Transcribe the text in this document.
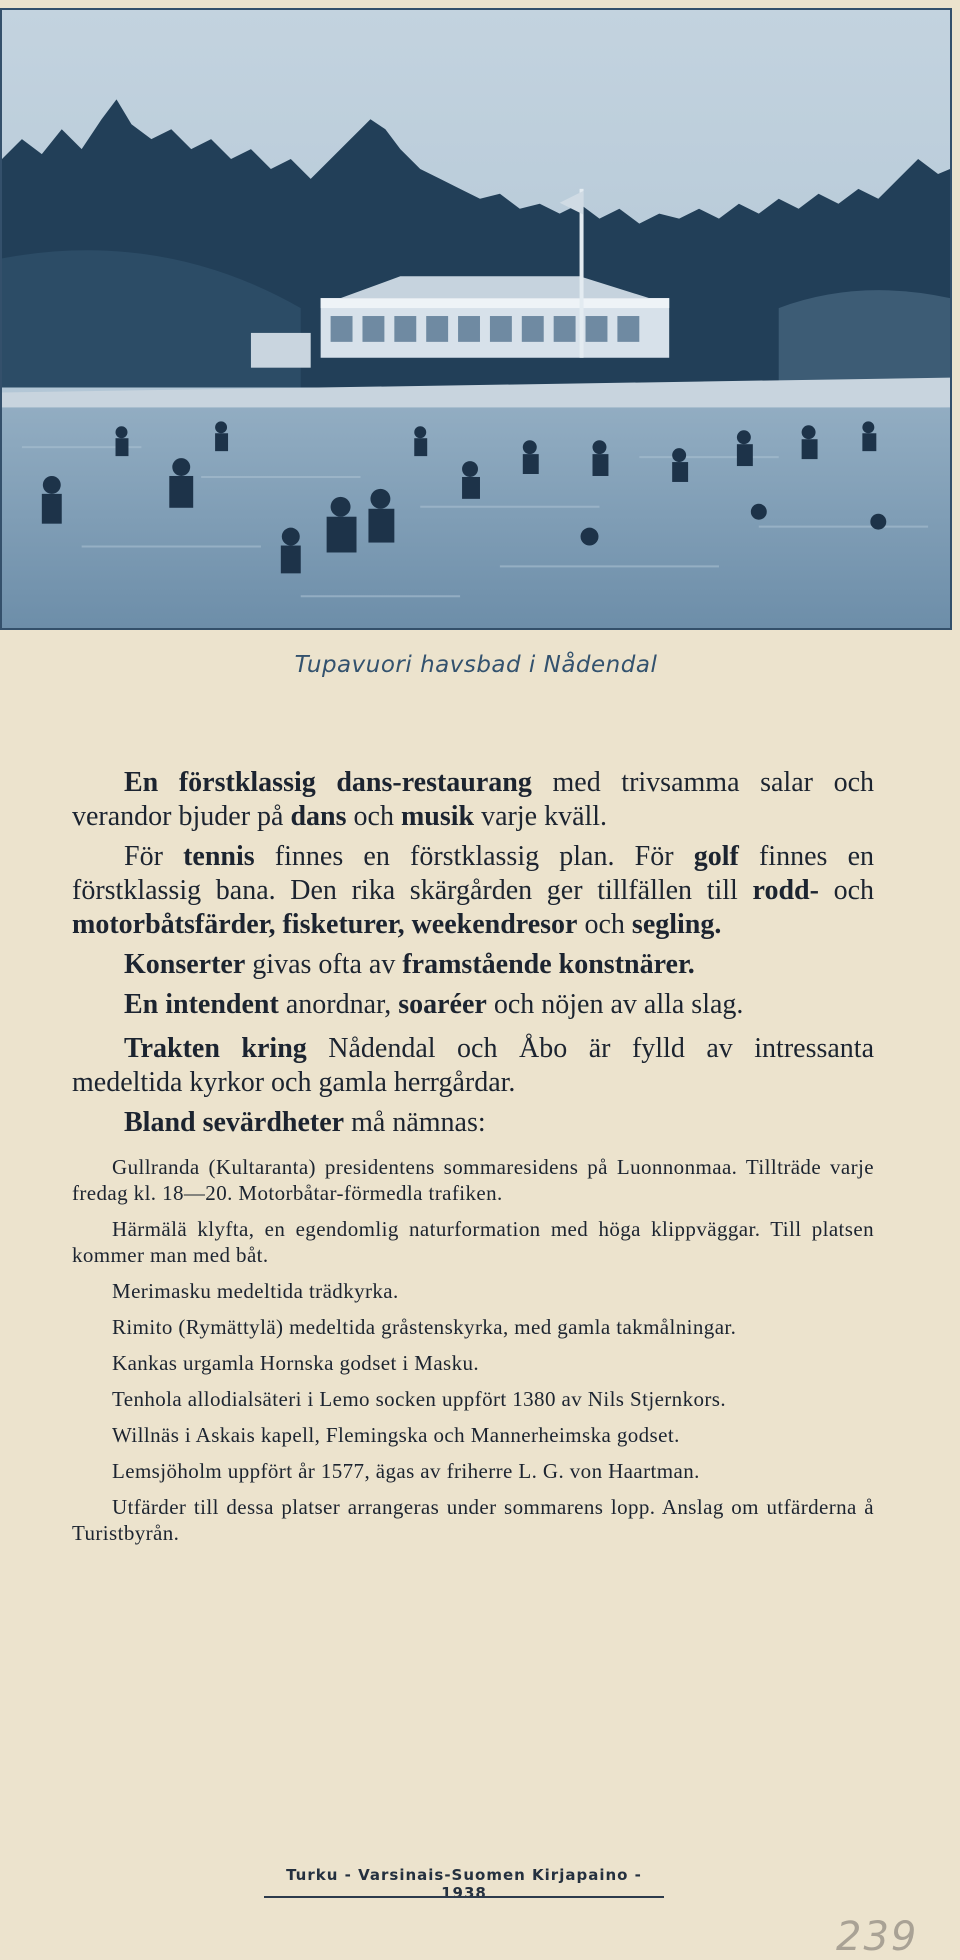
Tupavuori havsbad i Nådendal

En förstklassig dans-restaurang med trivsamma salar och verandor bjuder på dans och musik varje kväll.

För tennis finnes en förstklassig plan. För golf finnes en förstklassig bana. Den rika skärgården ger tillfällen till rodd- och motorbåtsfärder, fisketurer, weekendresor och segling.

Konserter givas ofta av framstående konstnärer.

En intendent anordnar, soaréer och nöjen av alla slag.

Trakten kring Nådendal och Åbo är fylld av intressanta medeltida kyrkor och gamla herrgårdar.

Bland sevärdheter må nämnas:

Gullranda (Kultaranta) presidentens sommaresidens på Luonnonmaa. Tillträde varje fredag kl. 18—20. Motorbåtar-förmedla trafiken.

Härmälä klyfta, en egendomlig naturformation med höga klippväggar. Till platsen kommer man med båt.

Merimasku medeltida trädkyrka.

Rimito (Rymättylä) medeltida gråstenskyrka, med gamla takmålningar.

Kankas urgamla Hornska godset i Masku.

Tenhola allodialsäteri i Lemo socken uppfört 1380 av Nils Stjernkors.

Willnäs i Askais kapell, Flemingska och Mannerheimska godset.

Lemsjöholm uppfört år 1577, ägas av friherre L. G. von Haartman.

Utfärder till dessa platser arrangeras under sommarens lopp. Anslag om utfärderna å Turistbyrån.

Turku - Varsinais-Suomen Kirjapaino - 1938
239
